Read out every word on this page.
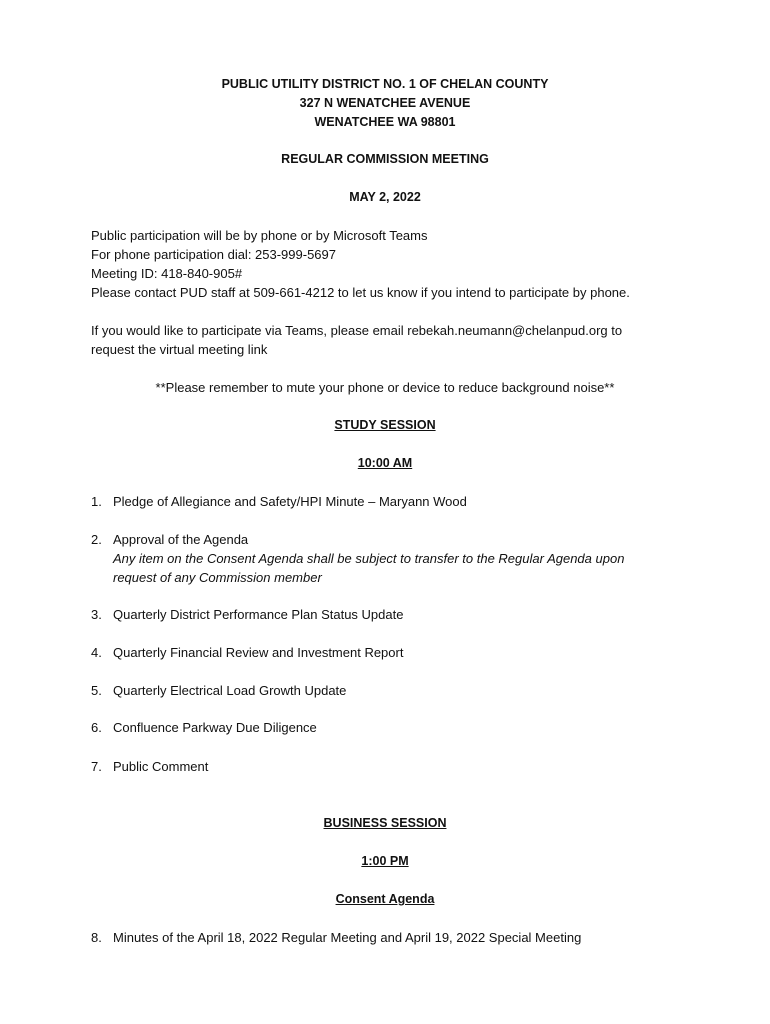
PUBLIC UTILITY DISTRICT NO. 1 OF CHELAN COUNTY
327 N WENATCHEE AVENUE
WENATCHEE WA 98801
REGULAR COMMISSION MEETING
MAY 2, 2022
Public participation will be by phone or by Microsoft Teams
For phone participation dial: 253-999-5697
Meeting ID: 418-840-905#
Please contact PUD staff at 509-661-4212 to let us know if you intend to participate by phone.
If you would like to participate via Teams, please email rebekah.neumann@chelanpud.org to
request the virtual meeting link
**Please remember to mute your phone or device to reduce background noise**
STUDY SESSION
10:00 AM
1. Pledge of Allegiance and Safety/HPI Minute – Maryann Wood
2. Approval of the Agenda
Any item on the Consent Agenda shall be subject to transfer to the Regular Agenda upon
request of any Commission member
3. Quarterly District Performance Plan Status Update
4. Quarterly Financial Review and Investment Report
5. Quarterly Electrical Load Growth Update
6. Confluence Parkway Due Diligence
7. Public Comment
BUSINESS SESSION
1:00 PM
Consent Agenda
8. Minutes of the April 18, 2022 Regular Meeting and April 19, 2022 Special Meeting
